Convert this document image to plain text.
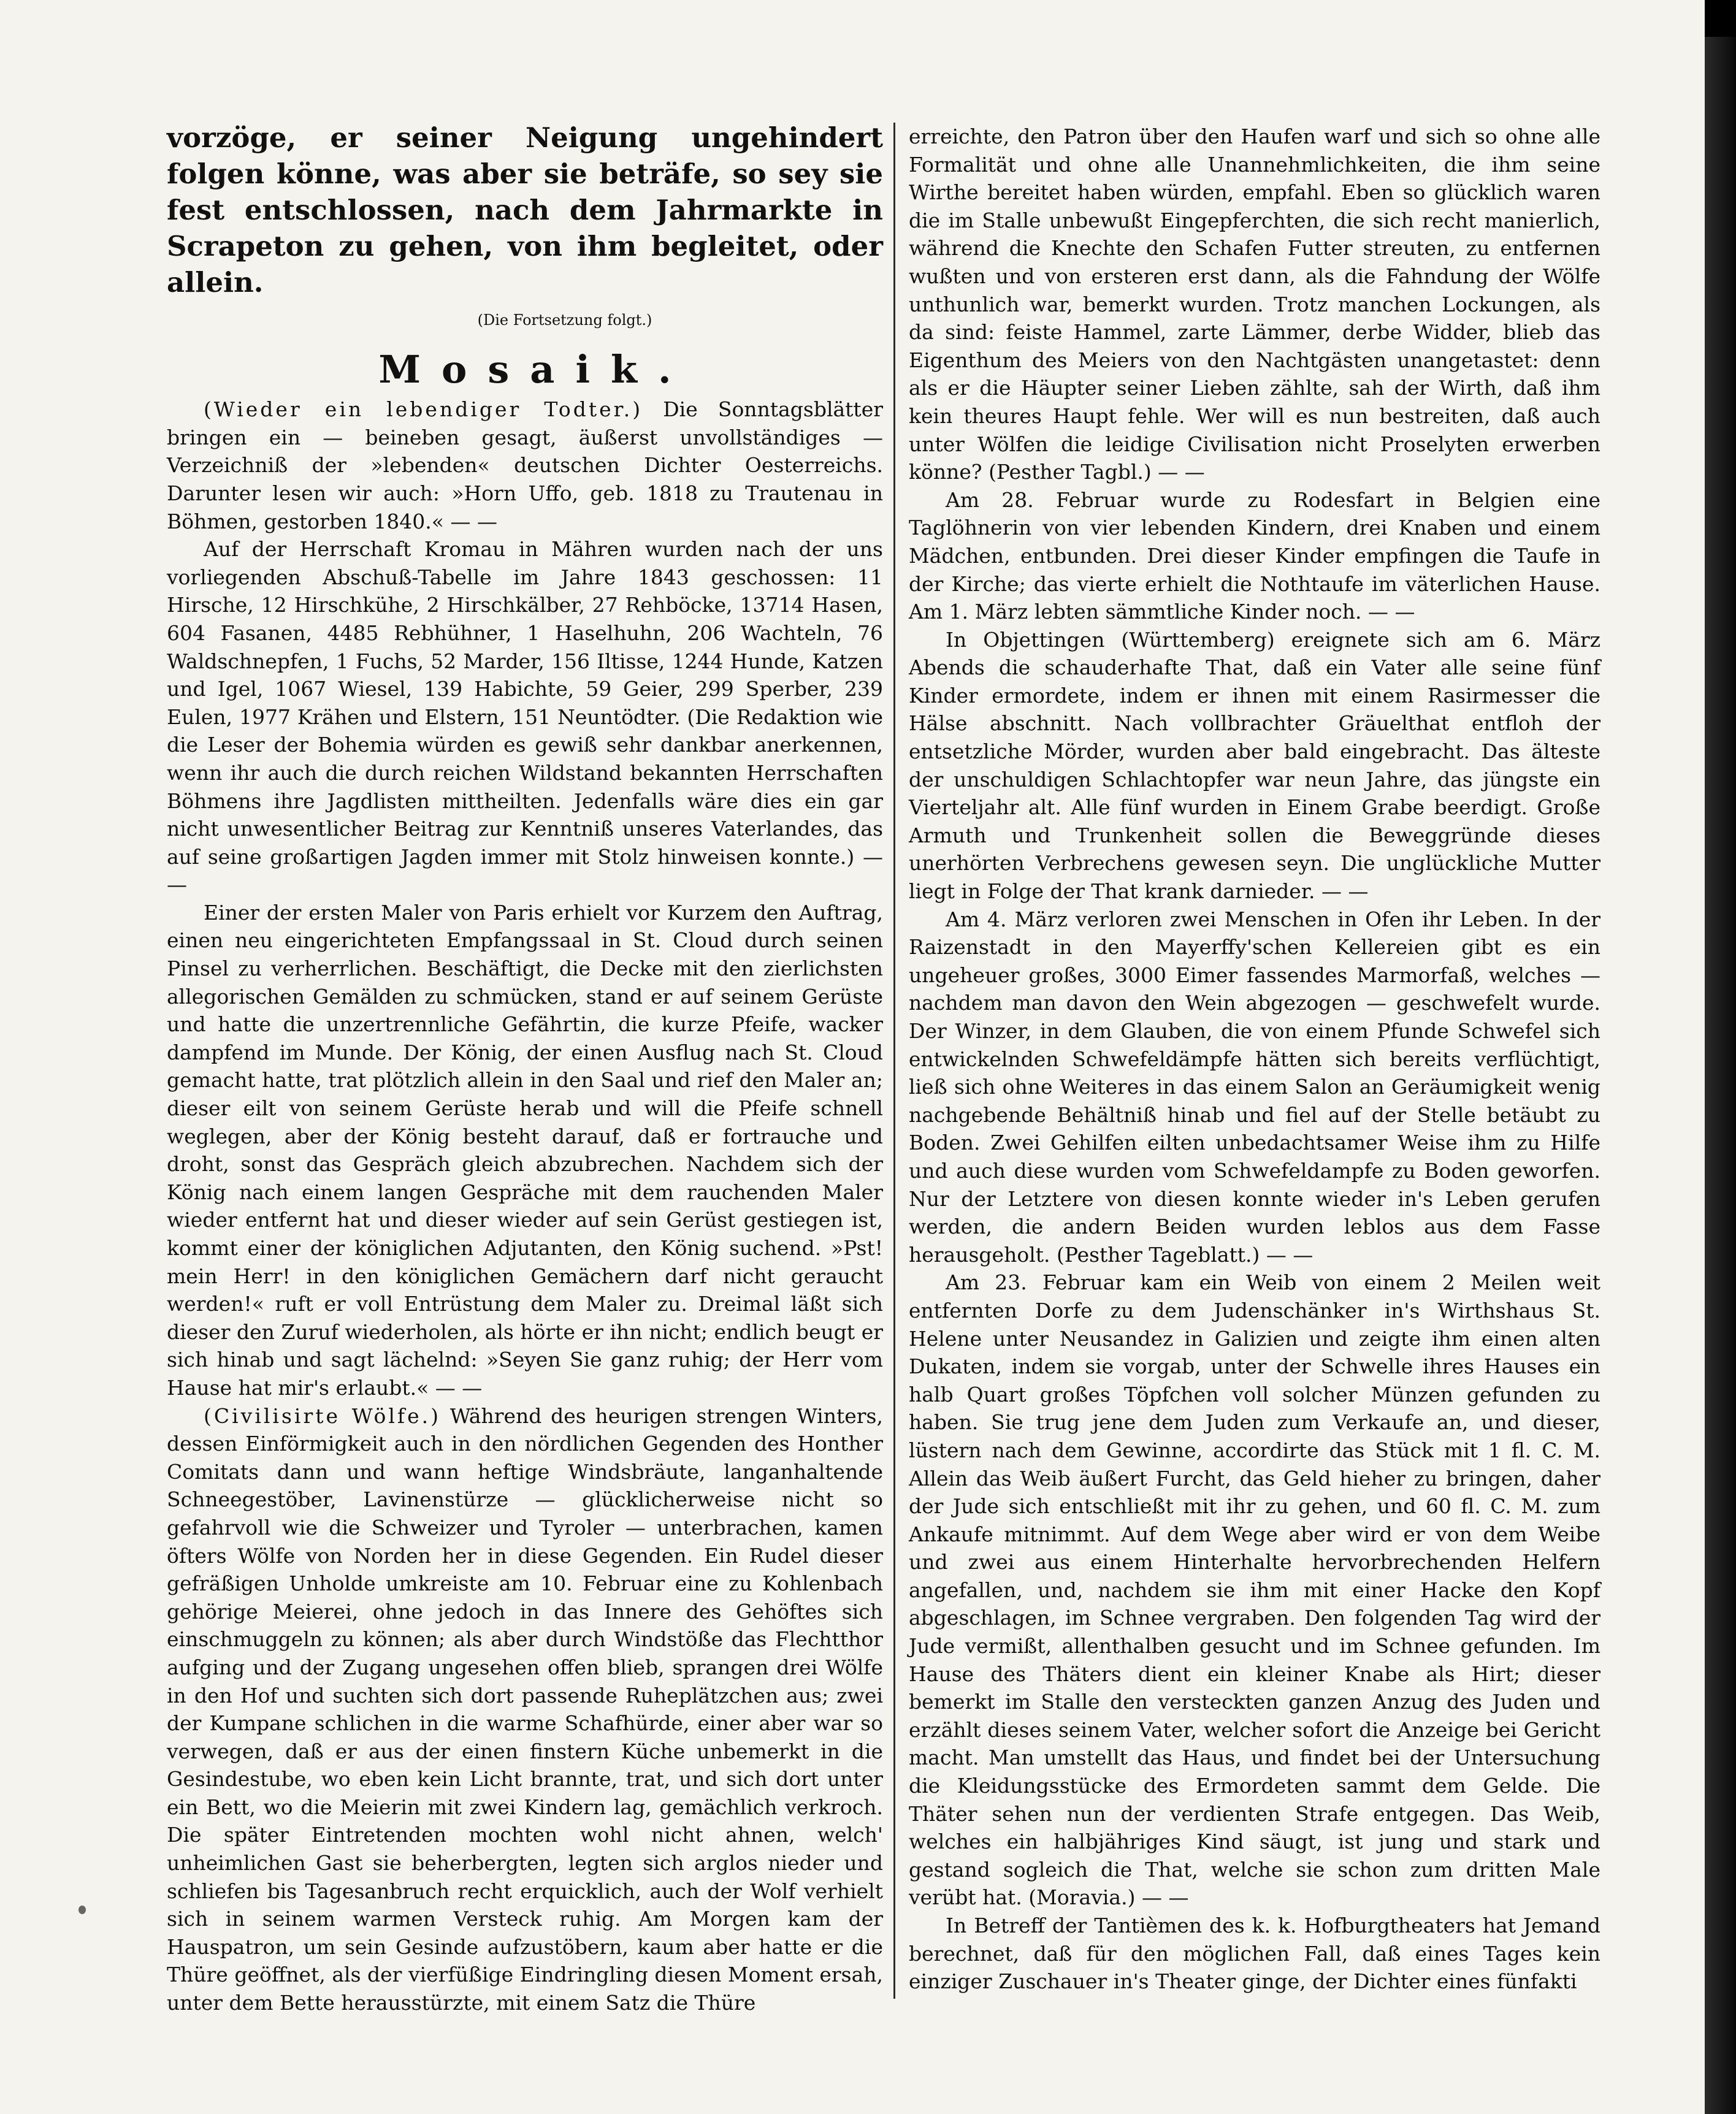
vorzöge, er seiner Neigung ungehindert folgen könne, was aber sie beträfe, so sey sie fest entschlossen, nach dem Jahrmarkte in Scrapeton zu gehen, von ihm begleitet, oder allein.

(Die Fortsetzung folgt.)

Mosaik.

(Wieder ein lebendiger Todter.) Die Sonntagsblätter bringen ein — beineben gesagt, äußerst unvollständiges — Verzeichniß der »lebenden« deutschen Dichter Oesterreichs. Darunter lesen wir auch: »Horn Uffo, geb. 1818 zu Trautenau in Böhmen, gestorben 1840.« — —

Auf der Herrschaft Kromau in Mähren wurden nach der uns vorliegenden Abschuß-Tabelle im Jahre 1843 geschossen: 11 Hirsche, 12 Hirschkühe, 2 Hirschkälber, 27 Rehböcke, 13714 Hasen, 604 Fasanen, 4485 Rebhühner, 1 Haselhuhn, 206 Wachteln, 76 Waldschnepfen, 1 Fuchs, 52 Marder, 156 Iltisse, 1244 Hunde, Katzen und Igel, 1067 Wiesel, 139 Habichte, 59 Geier, 299 Sperber, 239 Eulen, 1977 Krähen und Elstern, 151 Neuntödter. (Die Redaktion wie die Leser der Bohemia würden es gewiß sehr dankbar anerkennen, wenn ihr auch die durch reichen Wildstand bekannten Herrschaften Böhmens ihre Jagdlisten mittheilten. Jedenfalls wäre dies ein gar nicht unwesentlicher Beitrag zur Kenntniß unseres Vaterlandes, das auf seine großartigen Jagden immer mit Stolz hinweisen konnte.) — —

Einer der ersten Maler von Paris erhielt vor Kurzem den Auftrag, einen neu eingerichteten Empfangssaal in St. Cloud durch seinen Pinsel zu verherrlichen. Beschäftigt, die Decke mit den zierlichsten allegorischen Gemälden zu schmücken, stand er auf seinem Gerüste und hatte die unzertrennliche Gefährtin, die kurze Pfeife, wacker dampfend im Munde. Der König, der einen Ausflug nach St. Cloud gemacht hatte, trat plötzlich allein in den Saal und rief den Maler an; dieser eilt von seinem Gerüste herab und will die Pfeife schnell weglegen, aber der König besteht darauf, daß er fortrauche und droht, sonst das Gespräch gleich abzubrechen. Nachdem sich der König nach einem langen Gespräche mit dem rauchenden Maler wieder entfernt hat und dieser wieder auf sein Gerüst gestiegen ist, kommt einer der königlichen Adjutanten, den König suchend. »Pst! mein Herr! in den königlichen Gemächern darf nicht geraucht werden!« ruft er voll Entrüstung dem Maler zu. Dreimal läßt sich dieser den Zuruf wiederholen, als hörte er ihn nicht; endlich beugt er sich hinab und sagt lächelnd: »Seyen Sie ganz ruhig; der Herr vom Hause hat mir's erlaubt.« — —

(Civilisirte Wölfe.) Während des heurigen strengen Winters, dessen Einförmigkeit auch in den nördlichen Gegenden des Honther Comitats dann und wann heftige Windsbräute, langanhaltende Schneegestöber, Lavinenstürze — glücklicherweise nicht so gefahrvoll wie die Schweizer und Tyroler — unterbrachen, kamen öfters Wölfe von Norden her in diese Gegenden. Ein Rudel dieser gefräßigen Unholde umkreiste am 10. Februar eine zu Kohlenbach gehörige Meierei, ohne jedoch in das Innere des Gehöftes sich einschmuggeln zu können; als aber durch Windstöße das Flechtthor aufging und der Zugang ungesehen offen blieb, sprangen drei Wölfe in den Hof und suchten sich dort passende Ruheplätzchen aus; zwei der Kumpane schlichen in die warme Schafhürde, einer aber war so verwegen, daß er aus der einen finstern Küche unbemerkt in die Gesindestube, wo eben kein Licht brannte, trat, und sich dort unter ein Bett, wo die Meierin mit zwei Kindern lag, gemächlich verkroch. Die später Eintretenden mochten wohl nicht ahnen, welch' unheimlichen Gast sie beherbergten, legten sich arglos nieder und schliefen bis Tagesanbruch recht erquicklich, auch der Wolf verhielt sich in seinem warmen Versteck ruhig. Am Morgen kam der Hauspatron, um sein Gesinde aufzustöbern, kaum aber hatte er die Thüre geöffnet, als der vierfüßige Eindringling diesen Moment ersah, unter dem Bette herausstürzte, mit einem Satz die Thüre

erreichte, den Patron über den Haufen warf und sich so ohne alle Formalität und ohne alle Unannehmlichkeiten, die ihm seine Wirthe bereitet haben würden, empfahl. Eben so glücklich waren die im Stalle unbewußt Eingepferchten, die sich recht manierlich, während die Knechte den Schafen Futter streuten, zu entfernen wußten und von ersteren erst dann, als die Fahndung der Wölfe unthunlich war, bemerkt wurden. Trotz manchen Lockungen, als da sind: feiste Hammel, zarte Lämmer, derbe Widder, blieb das Eigenthum des Meiers von den Nachtgästen unangetastet: denn als er die Häupter seiner Lieben zählte, sah der Wirth, daß ihm kein theures Haupt fehle. Wer will es nun bestreiten, daß auch unter Wölfen die leidige Civilisation nicht Proselyten erwerben könne? (Pesther Tagbl.) — —

Am 28. Februar wurde zu Rodesfart in Belgien eine Taglöhnerin von vier lebenden Kindern, drei Knaben und einem Mädchen, entbunden. Drei dieser Kinder empfingen die Taufe in der Kirche; das vierte erhielt die Nothtaufe im väterlichen Hause. Am 1. März lebten sämmtliche Kinder noch. — —

In Objettingen (Württemberg) ereignete sich am 6. März Abends die schauderhafte That, daß ein Vater alle seine fünf Kinder ermordete, indem er ihnen mit einem Rasirmesser die Hälse abschnitt. Nach vollbrachter Gräuelthat entfloh der entsetzliche Mörder, wurden aber bald eingebracht. Das älteste der unschuldigen Schlachtopfer war neun Jahre, das jüngste ein Vierteljahr alt. Alle fünf wurden in Einem Grabe beerdigt. Große Armuth und Trunkenheit sollen die Beweggründe dieses unerhörten Verbrechens gewesen seyn. Die unglückliche Mutter liegt in Folge der That krank darnieder. — —

Am 4. März verloren zwei Menschen in Ofen ihr Leben. In der Raizenstadt in den Mayerffy'schen Kellereien gibt es ein ungeheuer großes, 3000 Eimer fassendes Marmorfaß, welches — nachdem man davon den Wein abgezogen — geschwefelt wurde. Der Winzer, in dem Glauben, die von einem Pfunde Schwefel sich entwickelnden Schwefeldämpfe hätten sich bereits verflüchtigt, ließ sich ohne Weiteres in das einem Salon an Geräumigkeit wenig nachgebende Behältniß hinab und fiel auf der Stelle betäubt zu Boden. Zwei Gehilfen eilten unbedachtsamer Weise ihm zu Hilfe und auch diese wurden vom Schwefeldampfe zu Boden geworfen. Nur der Letztere von diesen konnte wieder in's Leben gerufen werden, die andern Beiden wurden leblos aus dem Fasse herausgeholt. (Pesther Tageblatt.) — —

Am 23. Februar kam ein Weib von einem 2 Meilen weit entfernten Dorfe zu dem Judenschänker in's Wirthshaus St. Helene unter Neusandez in Galizien und zeigte ihm einen alten Dukaten, indem sie vorgab, unter der Schwelle ihres Hauses ein halb Quart großes Töpfchen voll solcher Münzen gefunden zu haben. Sie trug jene dem Juden zum Verkaufe an, und dieser, lüstern nach dem Gewinne, accordirte das Stück mit 1 fl. C. M. Allein das Weib äußert Furcht, das Geld hieher zu bringen, daher der Jude sich entschließt mit ihr zu gehen, und 60 fl. C. M. zum Ankaufe mitnimmt. Auf dem Wege aber wird er von dem Weibe und zwei aus einem Hinterhalte hervorbrechenden Helfern angefallen, und, nachdem sie ihm mit einer Hacke den Kopf abgeschlagen, im Schnee vergraben. Den folgenden Tag wird der Jude vermißt, allenthalben gesucht und im Schnee gefunden. Im Hause des Thäters dient ein kleiner Knabe als Hirt; dieser bemerkt im Stalle den versteckten ganzen Anzug des Juden und erzählt dieses seinem Vater, welcher sofort die Anzeige bei Gericht macht. Man umstellt das Haus, und findet bei der Untersuchung die Kleidungsstücke des Ermordeten sammt dem Gelde. Die Thäter sehen nun der verdienten Strafe entgegen. Das Weib, welches ein halbjähriges Kind säugt, ist jung und stark und gestand sogleich die That, welche sie schon zum dritten Male verübt hat. (Moravia.) — —

In Betreff der Tantièmen des k. k. Hofburgtheaters hat Jemand berechnet, daß für den möglichen Fall, daß eines Tages kein einziger Zuschauer in's Theater ginge, der Dichter eines fünfakti
